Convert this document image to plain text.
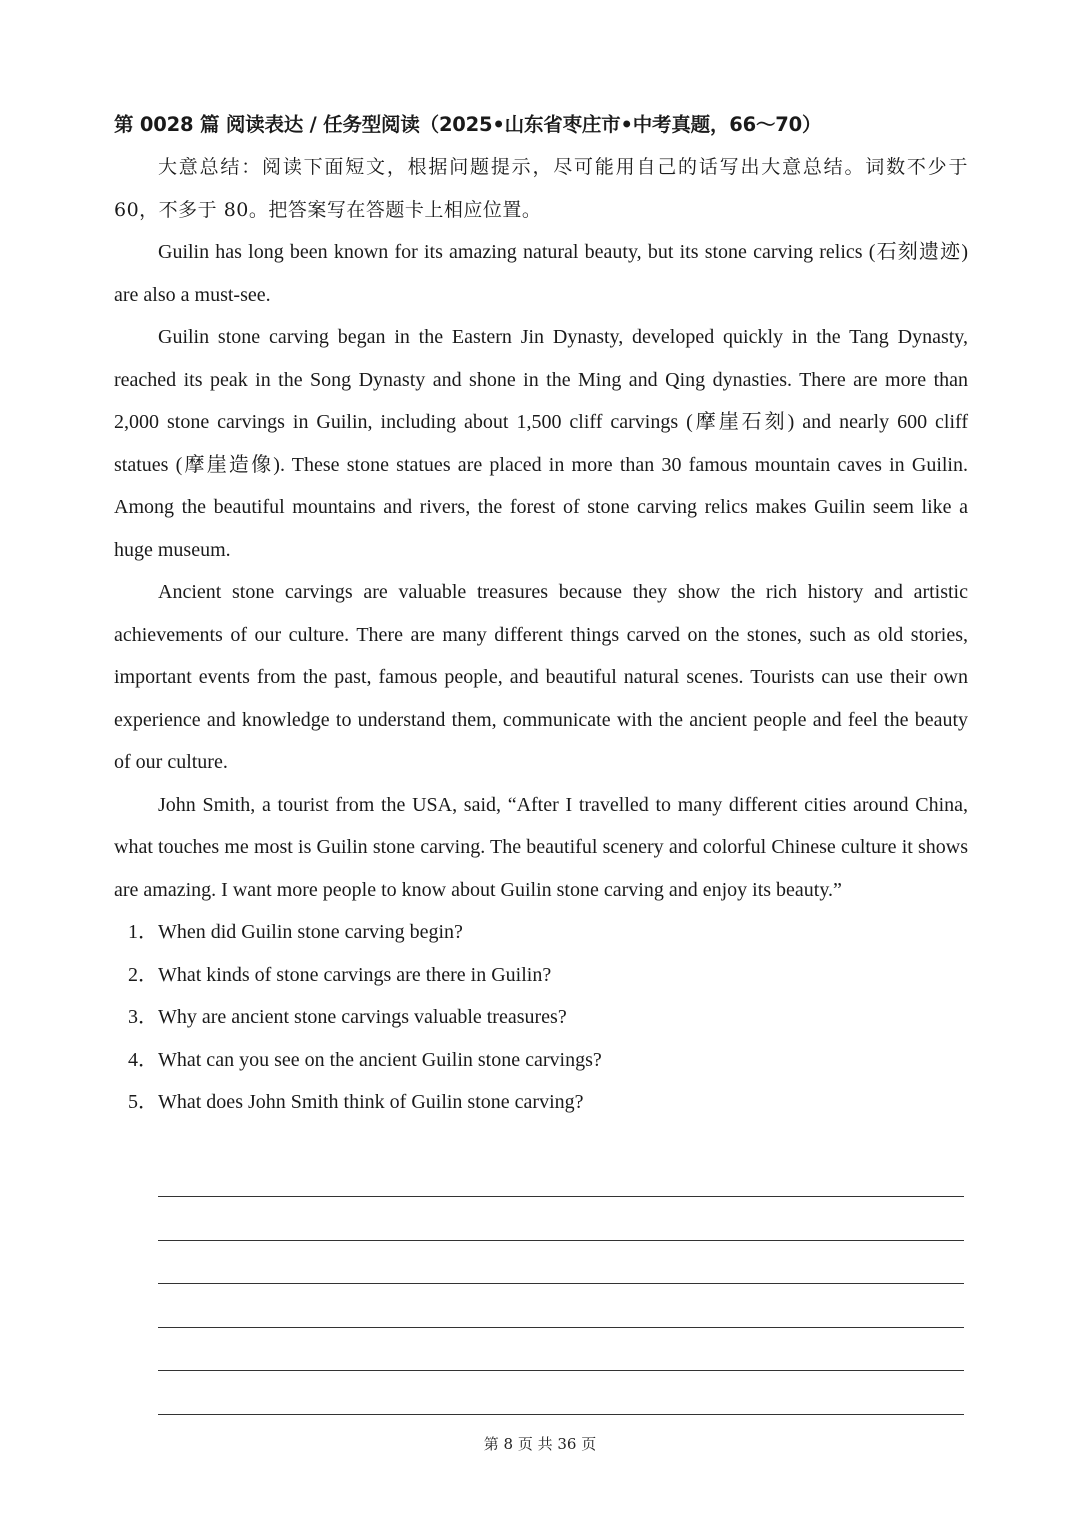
第 0028 篇 阅读表达 / 任务型阅读（2025•山东省枣庄市•中考真题，66～70）

大意总结：阅读下面短文，根据问题提示，尽可能用自己的话写出大意总结。词数不少于 60，不多于 80。把答案写在答题卡上相应位置。

Guilin has long been known for its amazing natural beauty, but its stone carving relics (石刻遗迹) are also a must-see.

Guilin stone carving began in the Eastern Jin Dynasty, developed quickly in the Tang Dynasty, reached its peak in the Song Dynasty and shone in the Ming and Qing dynasties. There are more than 2,000 stone carvings in Guilin, including about 1,500 cliff carvings (摩崖石刻) and nearly 600 cliff statues (摩崖造像). These stone statues are placed in more than 30 famous mountain caves in Guilin. Among the beautiful mountains and rivers, the forest of stone carving relics makes Guilin seem like a huge museum.

Ancient stone carvings are valuable treasures because they show the rich history and artistic achievements of our culture. There are many different things carved on the stones, such as old stories, important events from the past, famous people, and beautiful natural scenes. Tourists can use their own experience and knowledge to understand them, communicate with the ancient people and feel the beauty of our culture.

John Smith, a tourist from the USA, said, “After I travelled to many different cities around China, what touches me most is Guilin stone carving. The beautiful scenery and colorful Chinese culture it shows are amazing. I want more people to know about Guilin stone carving and enjoy its beauty.”

1． When did Guilin stone carving begin?
2． What kinds of stone carvings are there in Guilin?
3． Why are ancient stone carvings valuable treasures?
4． What can you see on the ancient Guilin stone carvings?
5． What does John Smith think of Guilin stone carving?
第 8 页 共 36 页
